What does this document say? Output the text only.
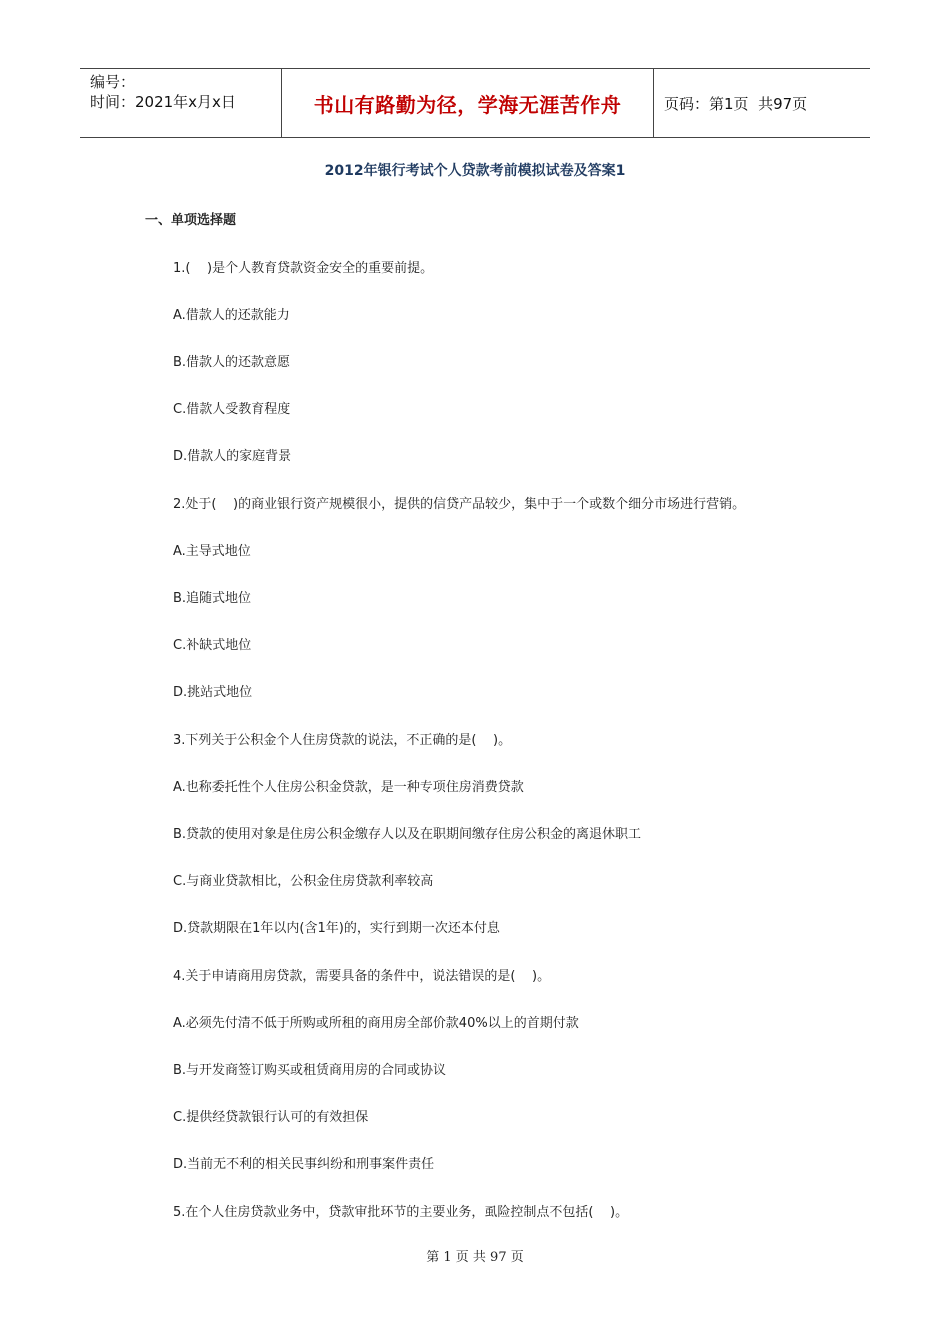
编号：
时间：2021年x月x日	书山有路勤为径，学海无涯苦作舟	页码：第1页  共97页
2012年银行考试个人贷款考前模拟试卷及答案1
一、单项选择题
1.(    )是个人教育贷款资金安全的重要前提。
A.借款人的还款能力
B.借款人的还款意愿
C.借款人受教育程度
D.借款人的家庭背景
2.处于(    )的商业银行资产规模很小，提供的信贷产品较少，集中于一个或数个细分市场进行营销。
A.主导式地位
B.追随式地位
C.补缺式地位
D.挑站式地位
3.下列关于公积金个人住房贷款的说法，不正确的是(    )。
A.也称委托性个人住房公积金贷款，是一种专项住房消费贷款
B.贷款的使用对象是住房公积金缴存人以及在职期间缴存住房公积金的离退休职工
C.与商业贷款相比，公积金住房贷款利率较高
D.贷款期限在1年以内(含1年)的，实行到期一次还本付息
4.关于申请商用房贷款，需要具备的条件中，说法错误的是(    )。
A.必须先付清不低于所购或所租的商用房全部价款40%以上的首期付款
B.与开发商签订购买或租赁商用房的合同或协议
C.提供经贷款银行认可的有效担保
D.当前无不利的相关民事纠纷和刑事案件责任
5.在个人住房贷款业务中，贷款审批环节的主要业务，虱险控制点不包括(    )。
第 1 页 共 97 页
